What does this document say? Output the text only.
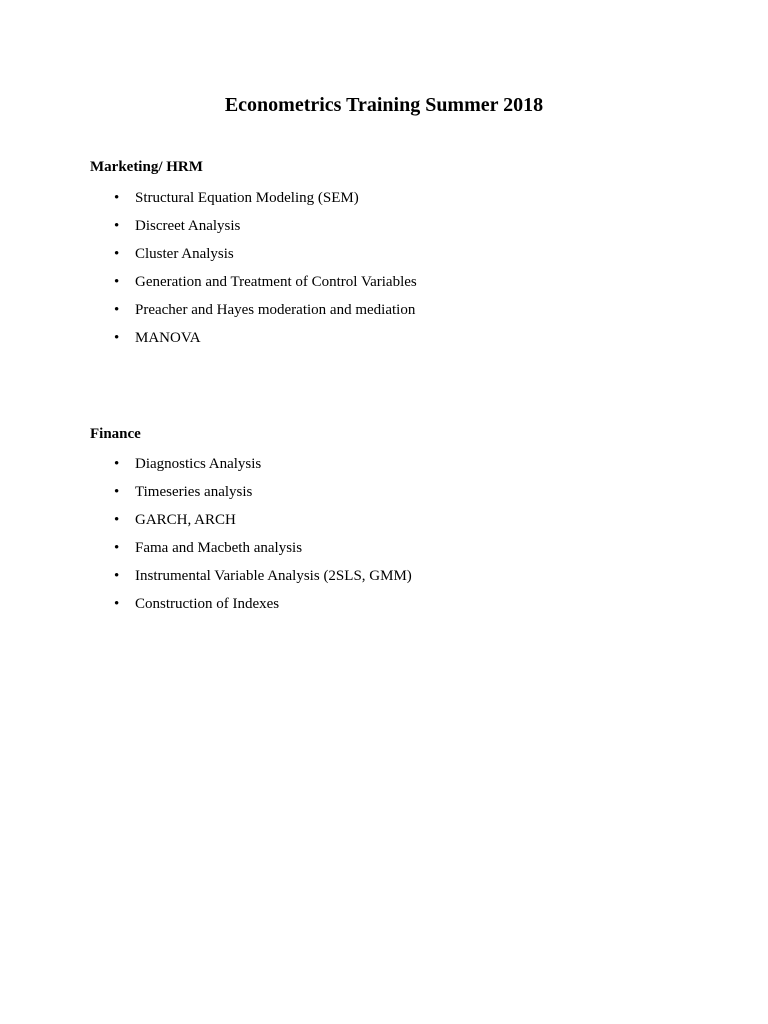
Econometrics Training Summer 2018
Marketing/ HRM
• Structural Equation Modeling (SEM)
• Discreet Analysis
• Cluster Analysis
• Generation and Treatment of Control Variables
• Preacher and Hayes moderation and mediation
• MANOVA
Finance
• Diagnostics Analysis
• Timeseries analysis
• GARCH, ARCH
• Fama and Macbeth analysis
• Instrumental Variable Analysis (2SLS, GMM)
• Construction of Indexes
